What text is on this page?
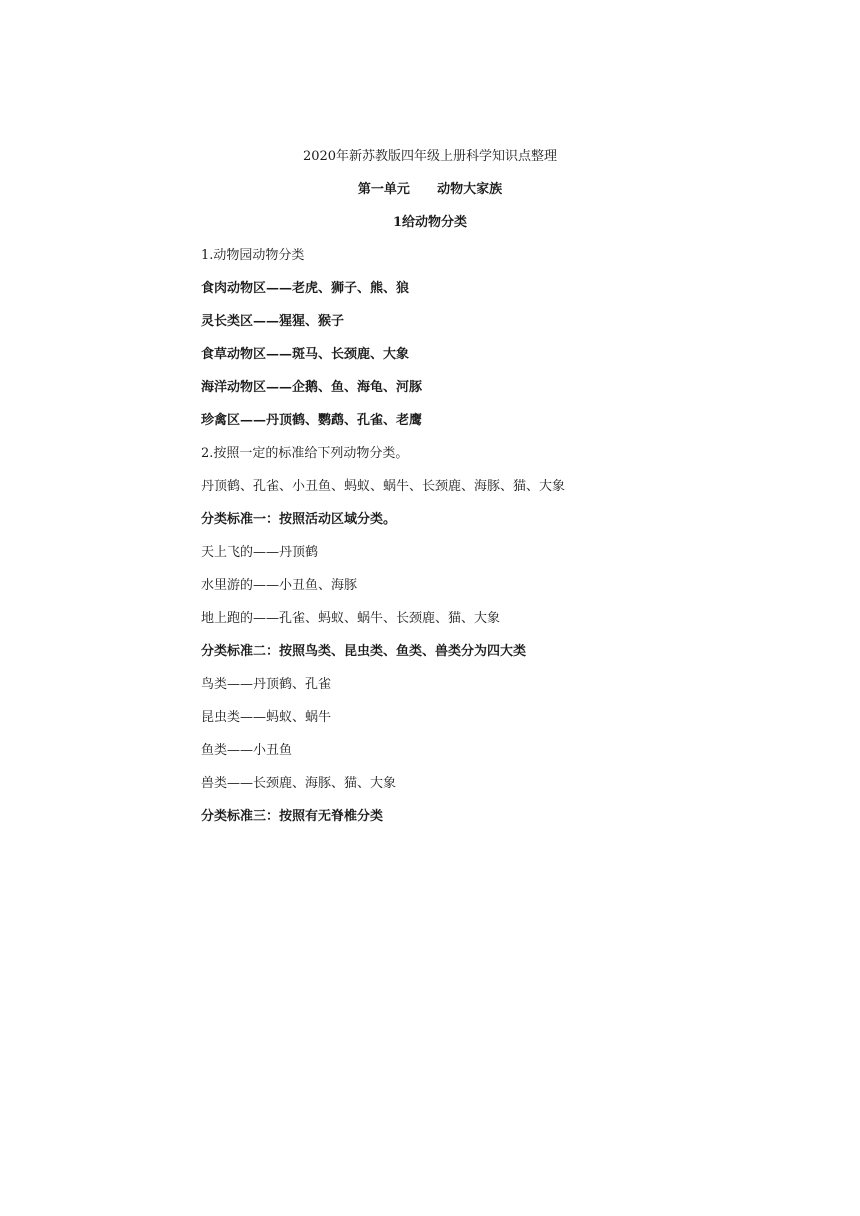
2020年新苏教版四年级上册科学知识点整理
第一单元      动物大家族
1给动物分类
1.动物园动物分类
食肉动物区——老虎、狮子、熊、狼
灵长类区——猩猩、猴子
食草动物区——斑马、长颈鹿、大象
海洋动物区——企鹅、鱼、海龟、河豚
珍禽区——丹顶鹤、鹦鹉、孔雀、老鹰
2.按照一定的标准给下列动物分类。
丹顶鹤、孔雀、小丑鱼、蚂蚁、蜗牛、长颈鹿、海豚、猫、大象
分类标准一：按照活动区域分类。
天上飞的——丹顶鹤
水里游的——小丑鱼、海豚
地上跑的——孔雀、蚂蚁、蜗牛、长颈鹿、猫、大象
分类标准二：按照鸟类、昆虫类、鱼类、兽类分为四大类
鸟类——丹顶鹤、孔雀
昆虫类——蚂蚁、蜗牛
鱼类——小丑鱼
兽类——长颈鹿、海豚、猫、大象
分类标准三：按照有无脊椎分类
